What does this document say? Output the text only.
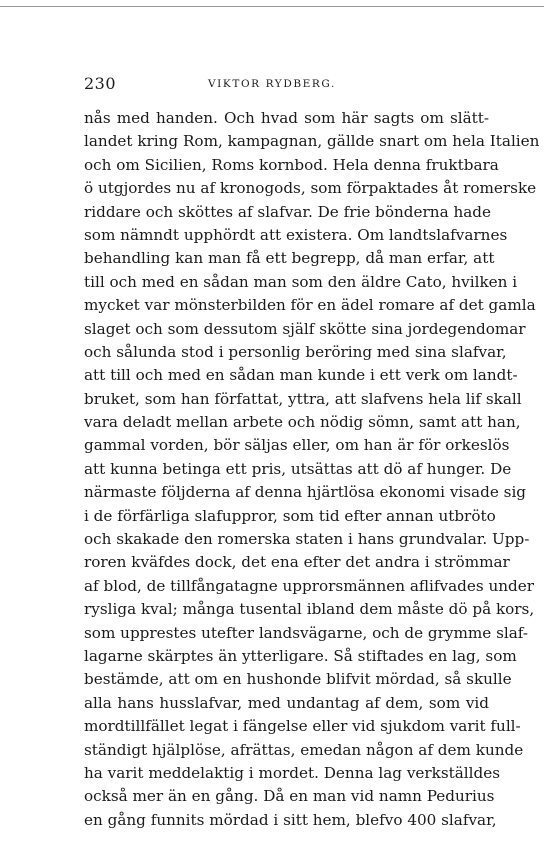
230	VIKTOR RYDBERG.
nås med handen. Och hvad som här sagts om slätt-
landet kring Rom, kampagnan, gällde snart om hela Italien
och om Sicilien, Roms kornbod. Hela denna fruktbara
ö utgjordes nu af kronogods, som förpaktades åt romerske
riddare och sköttes af slafvar. De frie bönderna hade
som nämndt upphördt att existera. Om landtslafvarnes
behandling kan man få ett begrepp, då man erfar, att
till och med en sådan man som den äldre Cato, hvilken i
mycket var mönsterbilden för en ädel romare af det gamla
slaget och som dessutom själf skötte sina jordegendomar
och sålunda stod i personlig beröring med sina slafvar,
att till och med en sådan man kunde i ett verk om landt-
bruket, som han författat, yttra, att slafvens hela lif skall
vara deladt mellan arbete och nödig sömn, samt att han,
gammal vorden, bör säljas eller, om han är för orkeslös
att kunna betinga ett pris, utsättas att dö af hunger. De
närmaste följderna af denna hjärtlösa ekonomi visade sig
i de förfärliga slafuppror, som tid efter annan utbröto
och skakade den romerska staten i hans grundvalar. Upp-
roren kväfdes dock, det ena efter det andra i strömmar
af blod, de tillfångatagne upprorsmännen aflifvades under
rysliga kval; många tusental ibland dem måste dö på kors,
som upprestes utefter landsvägarne, och de grymme slaf-
lagarne skärptes än ytterligare. Så stiftades en lag, som
bestämde, att om en hushonde blifvit mördad, så skulle
alla hans husslafvar, med undantag af dem, som vid
mordtillfället legat i fängelse eller vid sjukdom varit full-
ständigt hjälplöse, afrättas, emedan någon af dem kunde
ha varit meddelaktig i mordet. Denna lag verkställdes
också mer än en gång. Då en man vid namn Pedurius
en gång funnits mördad i sitt hem, blefvo 400 slafvar,
